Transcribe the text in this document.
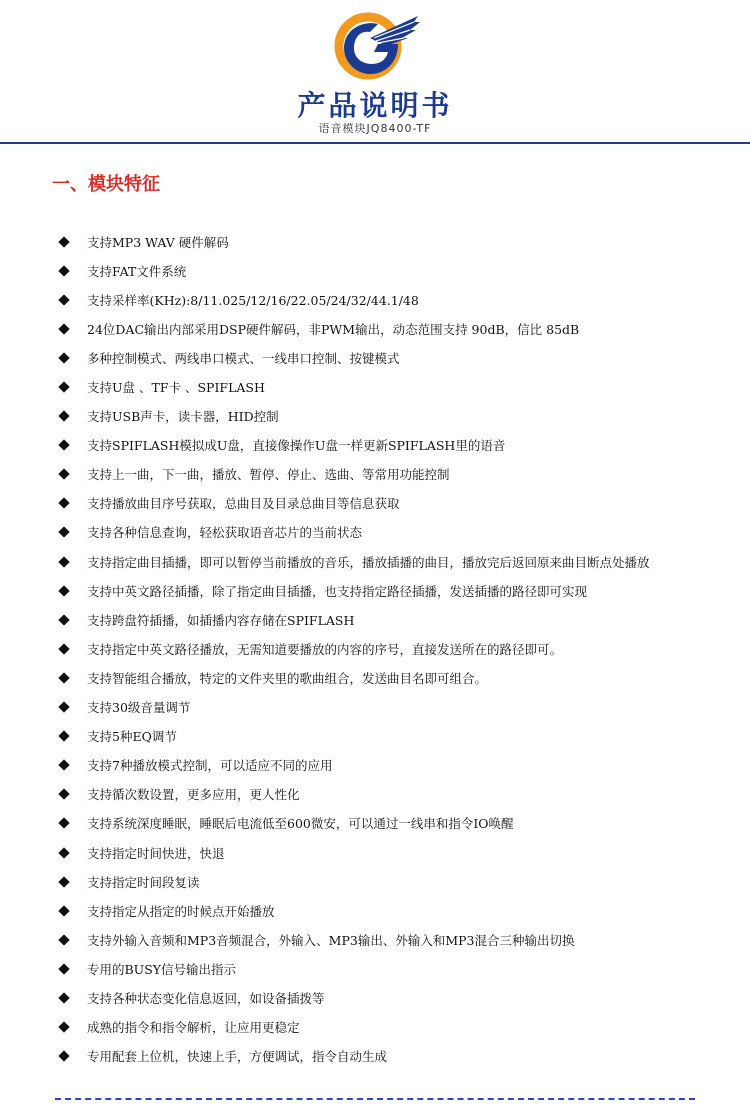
产品说明书
语音模块JQ8400-TF
一、模块特征
支持MP3 WAV 硬件解码
支持FAT文件系统
支持采样率(KHz):8/11.025/12/16/22.05/24/32/44.1/48
24位DAC输出内部采用DSP硬件解码，非PWM输出，动态范围支持 90dB，信比 85dB
多种控制模式、两线串口模式、一线串口控制、按键模式
支持U盘 、TF卡 、SPIFLASH
支持USB声卡，读卡器，HID控制
支持SPIFLASH模拟成U盘，直接像操作U盘一样更新SPIFLASH里的语音
支持上一曲，下一曲，播放、暂停、停止、选曲、等常用功能控制
支持播放曲目序号获取，总曲目及目录总曲目等信息获取
支持各种信息查询，轻松获取语音芯片的当前状态
支持指定曲目插播，即可以暂停当前播放的音乐，播放插播的曲目，播放完后返回原来曲目断点处播放
支持中英文路径插播，除了指定曲目插播，也支持指定路径插播，发送插播的路径即可实现
支持跨盘符插播，如插播内容存储在SPIFLASH
支持指定中英文路径播放，无需知道要播放的内容的序号，直接发送所在的路径即可。
支持智能组合播放，特定的文件夹里的歌曲组合，发送曲目名即可组合。
支持30级音量调节
支持5种EQ调节
支持7种播放模式控制，可以适应不同的应用
支持循次数设置，更多应用，更人性化
支持系统深度睡眠，睡眠后电流低至600微安，可以通过一线串和指令IO唤醒
支持指定时间快进，快退
支持指定时间段复读
支持指定从指定的时候点开始播放
支持外输入音频和MP3音频混合，外输入、MP3输出、外输入和MP3混合三种输出切换
专用的BUSY信号输出指示
支持各种状态变化信息返回，如设备插拨等
成熟的指令和指令解析，让应用更稳定
专用配套上位机，快速上手，方便调试，指令自动生成
